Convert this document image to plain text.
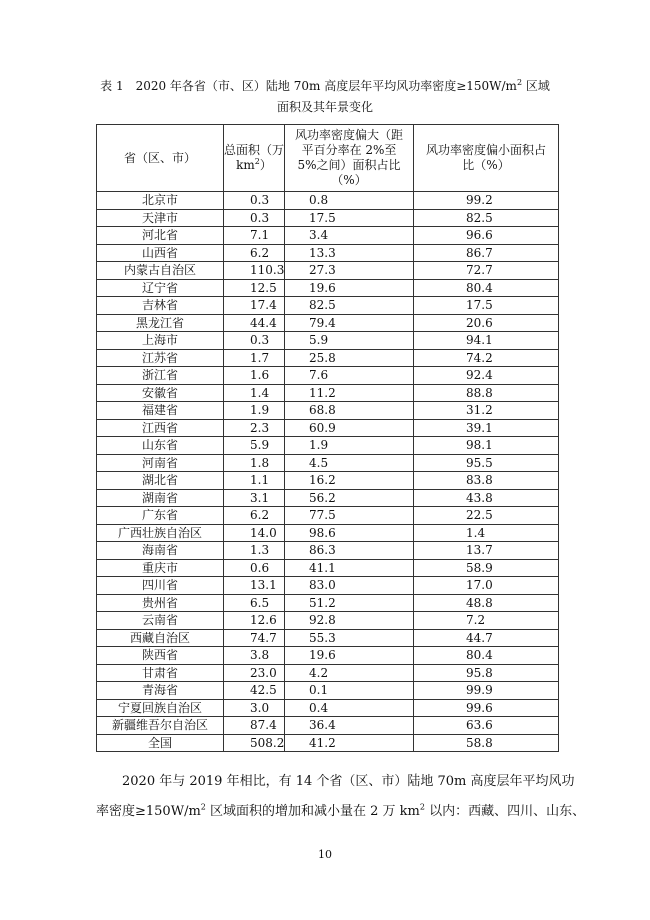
表 1　2020 年各省（市、区）陆地 70m 高度层年平均风功率密度$\ge 150W/m^2$ 区域
面积及其年景变化
省（区、市）	总面积（万 $km^2$）	风功率密度偏大（距平百分率在 2%至 5%之间）面积占比（%）	风功率密度偏小面积占比（%）
北京市	0.3	0.8	99.2
天津市	0.3	17.5	82.5
河北省	7.1	3.4	96.6
山西省	6.2	13.3	86.7
内蒙古自治区	110.3	27.3	72.7
辽宁省	12.5	19.6	80.4
吉林省	17.4	82.5	17.5
黑龙江省	44.4	79.4	20.6
上海市	0.3	5.9	94.1
江苏省	1.7	25.8	74.2
浙江省	1.6	7.6	92.4
安徽省	1.4	11.2	88.8
福建省	1.9	68.8	31.2
江西省	2.3	60.9	39.1
山东省	5.9	1.9	98.1
河南省	1.8	4.5	95.5
湖北省	1.1	16.2	83.8
湖南省	3.1	56.2	43.8
广东省	6.2	77.5	22.5
广西壮族自治区	14.0	98.6	1.4
海南省	1.3	86.3	13.7
重庆市	0.6	41.1	58.9
四川省	13.1	83.0	17.0
贵州省	6.5	51.2	48.8
云南省	12.6	92.8	7.2
西藏自治区	74.7	55.3	44.7
陕西省	3.8	19.6	80.4
甘肃省	23.0	4.2	95.8
青海省	42.5	0.1	99.9
宁夏回族自治区	3.0	0.4	99.6
新疆维吾尔自治区	87.4	36.4	63.6
全国	508.2	41.2	58.8
2020 年与 2019 年相比，有 14 个省（区、市）陆地 70m 高度层年平均风功
率密度$\ge 150W/m^2$ 区域面积的增加和减小量在 2 万 $km^2$ 以内：西藏、四川、山东、
10
